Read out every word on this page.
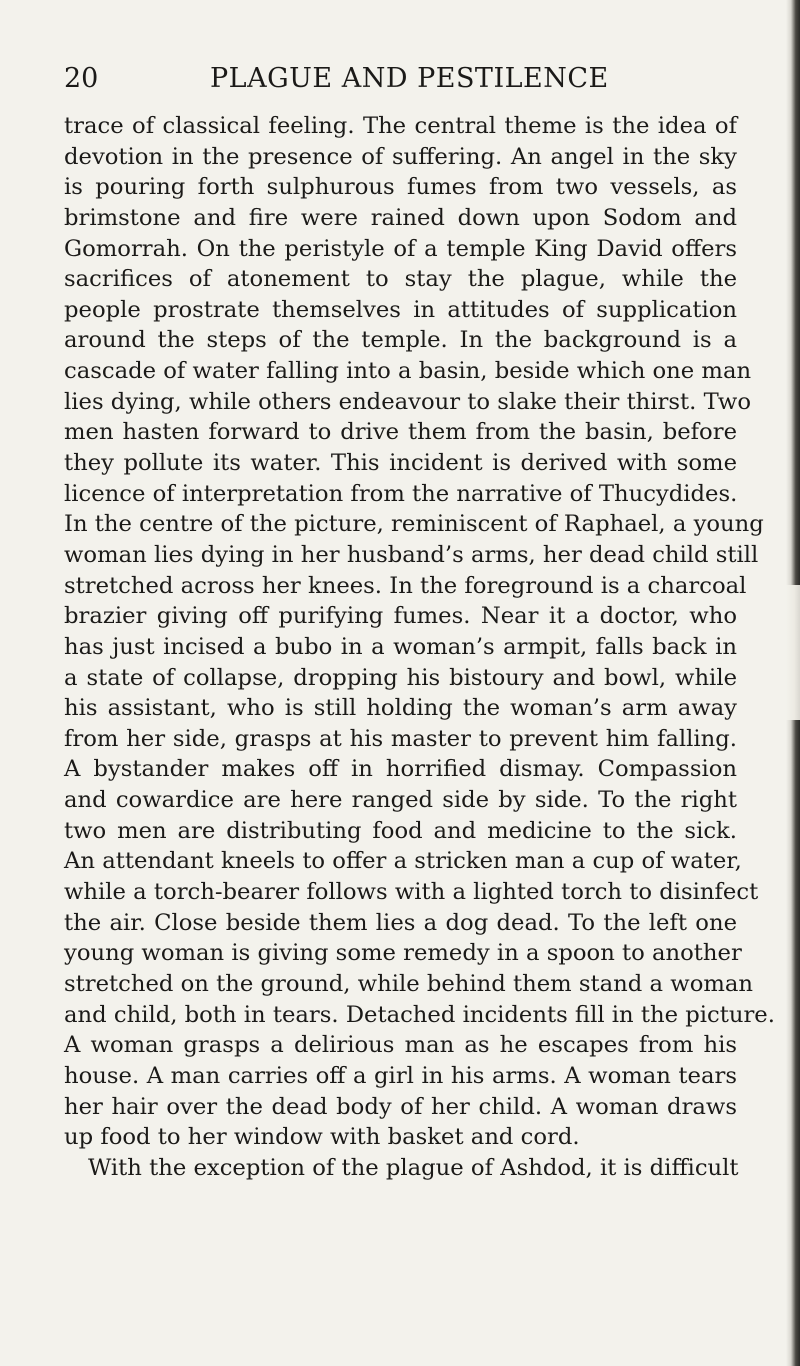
20	PLAGUE AND PESTILENCE
trace of classical feeling. The central theme is the idea of
devotion in the presence of suffering. An angel in the sky
is pouring forth sulphurous fumes from two vessels, as
brimstone and fire were rained down upon Sodom and
Gomorrah. On the peristyle of a temple King David offers
sacrifices of atonement to stay the plague, while the
people prostrate themselves in attitudes of supplication
around the steps of the temple. In the background is a
cascade of water falling into a basin, beside which one man
lies dying, while others endeavour to slake their thirst. Two
men hasten forward to drive them from the basin, before
they pollute its water. This incident is derived with some
licence of interpretation from the narrative of Thucydides.
In the centre of the picture, reminiscent of Raphael, a young
woman lies dying in her husband’s arms, her dead child still
stretched across her knees. In the foreground is a charcoal
brazier giving off purifying fumes. Near it a doctor, who
has just incised a bubo in a woman’s armpit, falls back in
a state of collapse, dropping his bistoury and bowl, while
his assistant, who is still holding the woman’s arm away
from her side, grasps at his master to prevent him falling.
A bystander makes off in horrified dismay. Compassion
and cowardice are here ranged side by side. To the right
two men are distributing food and medicine to the sick.
An attendant kneels to offer a stricken man a cup of water,
while a torch-bearer follows with a lighted torch to disinfect
the air. Close beside them lies a dog dead. To the left one
young woman is giving some remedy in a spoon to another
stretched on the ground, while behind them stand a woman
and child, both in tears. Detached incidents fill in the picture.
A woman grasps a delirious man as he escapes from his
house. A man carries off a girl in his arms. A woman tears
her hair over the dead body of her child. A woman draws
up food to her window with basket and cord.
With the exception of the plague of Ashdod, it is difficult
